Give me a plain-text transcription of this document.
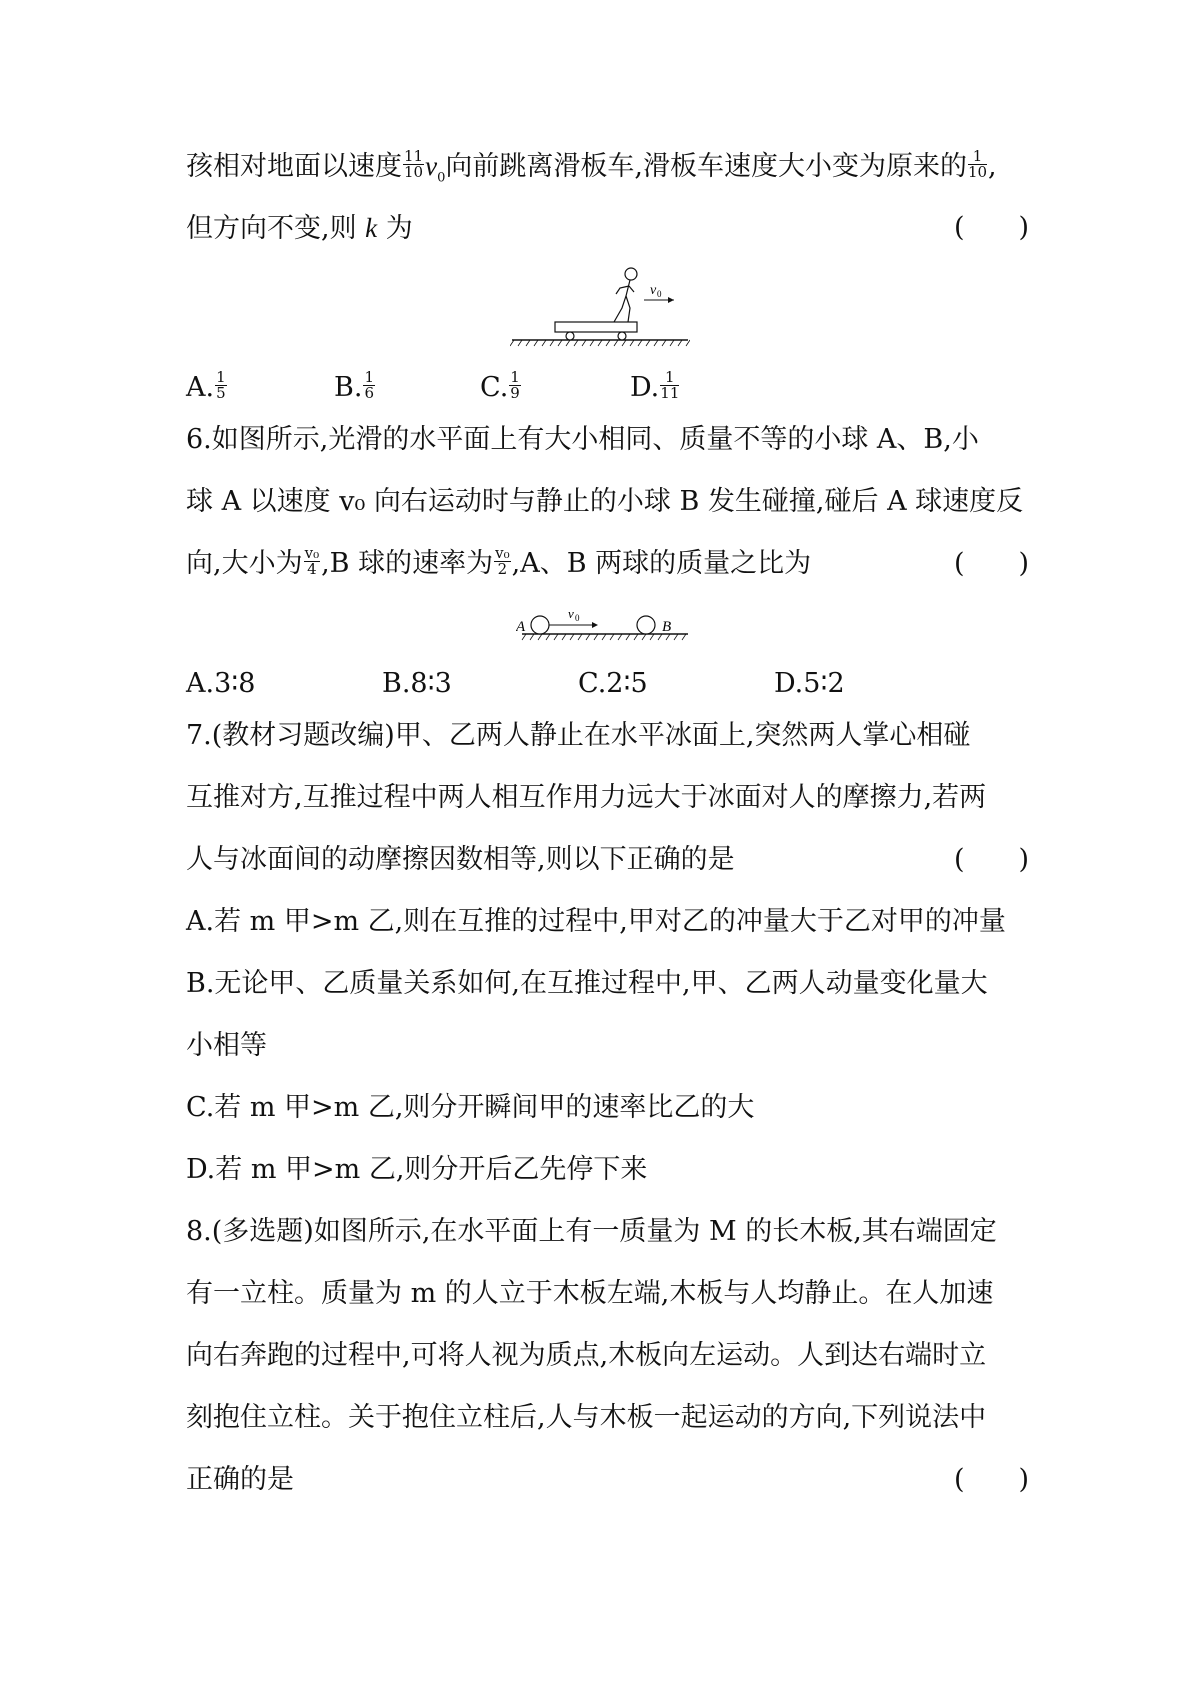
孩相对地面以速度 $\frac{11}{10} v_0$向前跳离滑板车,滑板车速度大小变为原来的 $\frac{1}{10}$ ,
但方向不变,则 k 为	(　　)
v 0
A. $\frac{1}{5}$	B. $\frac{1}{6}$	C. $\frac{1}{9}$	D. $\frac{1}{11}$
6.如图所示,光滑的水平面上有大小相同、质量不等的小球 A、B,小
球 A 以速度 v₀ 向右运动时与静止的小球 B 发生碰撞,碰后 A 球速度反
向,大小为 $\frac{\text{v₀}}{4} ,B$ 球的速率为 $\frac{\text{v₀}}{2} ,A$、B 两球的质量之比为	(　　)
A
v 0
B
A.3∶8	B.8∶3	C.2∶5	D.5∶2
7.(教材习题改编)甲、乙两人静止在水平冰面上,突然两人掌心相碰
互推对方,互推过程中两人相互作用力远大于冰面对人的摩擦力,若两
人与冰面间的动摩擦因数相等,则以下正确的是	(　　)
A.若 m 甲>m 乙,则在互推的过程中,甲对乙的冲量大于乙对甲的冲量
B.无论甲、乙质量关系如何,在互推过程中,甲、乙两人动量变化量大
小相等
C.若 m 甲>m 乙,则分开瞬间甲的速率比乙的大
D.若 m 甲>m 乙,则分开后乙先停下来
8.(多选题)如图所示,在水平面上有一质量为 M 的长木板,其右端固定
有一立柱。质量为 m 的人立于木板左端,木板与人均静止。在人加速
向右奔跑的过程中,可将人视为质点,木板向左运动。人到达右端时立
刻抱住立柱。关于抱住立柱后,人与木板一起运动的方向,下列说法中
正确的是	(　　)
